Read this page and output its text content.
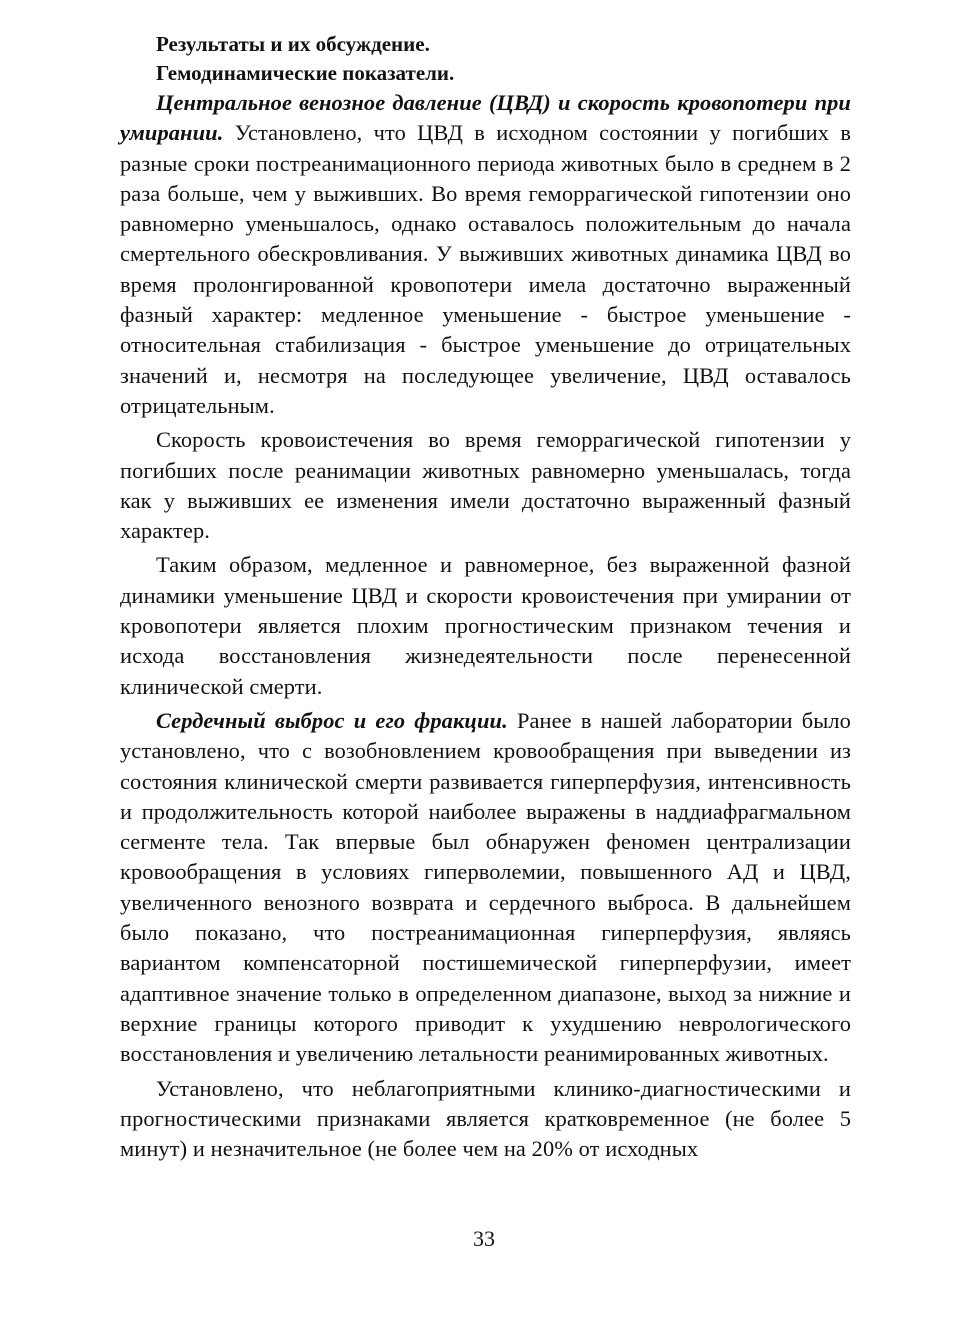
Результаты и их обсуждение.
Гемодинамические показатели.

Центральное венозное давление (ЦВД) и скорость кровопотери при умирании. Установлено, что ЦВД в исходном состоянии у погибших в разные сроки постреанимационного периода животных было в среднем в 2 раза больше, чем у выживших. Во время геморрагической гипотензии оно равномерно уменьшалось, однако оставалось положительным до начала смертельного обескровливания. У выживших животных динамика ЦВД во время пролонгированной кровопотери имела достаточно выраженный фазный характер: медленное уменьшение - быстрое уменьшение - относительная стабилизация - быстрое уменьшение до отрицательных значений и, несмотря на последующее увеличение, ЦВД оставалось отрицательным.

Скорость кровоистечения во время геморрагической гипотензии у погибших после реанимации животных равномерно уменьшалась, тогда как у выживших ее изменения имели достаточно выраженный фазный характер.

Таким образом, медленное и равномерное, без выраженной фазной динамики уменьшение ЦВД и скорости кровоистечения при умирании от кровопотери является плохим прогностическим признаком течения и исхода восстановления жизнедеятельности после перенесенной клинической смерти.

Сердечный выброс и его фракции. Ранее в нашей лаборатории было установлено, что с возобновлением кровообращения при выведении из состояния клинической смерти развивается гиперперфузия, интенсивность и продолжительность которой наиболее выражены в наддиафрагмальном сегменте тела. Так впервые был обнаружен феномен централизации кровообращения в условиях гиперволемии, повышенного АД и ЦВД, увеличенного венозного возврата и сердечного выброса. В дальнейшем было показано, что постреанимационная гиперперфузия, являясь вариантом компенсаторной постишемической гиперперфузии, имеет адаптивное значение только в определенном диапазоне, выход за нижние и верхние границы которого приводит к ухудшению неврологического восстановления и увеличению летальности реанимированных животных.

Установлено, что неблагоприятными клинико-диагностическими и прогностическими признаками является кратковременное (не более 5 минут) и незначительное (не более чем на 20% от исходных

33
